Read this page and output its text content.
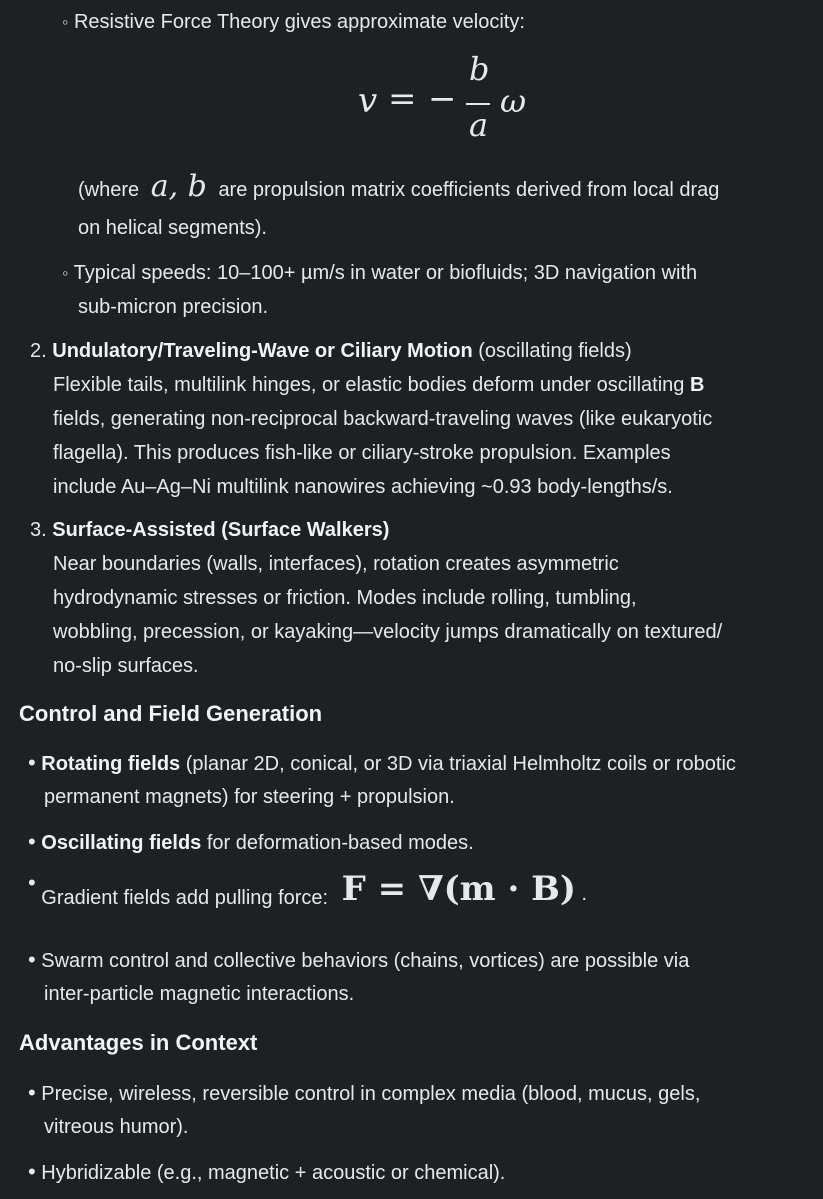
◦ Resistive Force Theory gives approximate velocity:
v = −
b
a
ω
(where a, b are propulsion matrix coefficients derived from local drag
on helical segments).
◦ Typical speeds: 10–100+ µm/s in water or biofluids; 3D navigation with
sub-micron precision.
2. Undulatory/Traveling-Wave or Ciliary Motion (oscillating fields)
Flexible tails, multilink hinges, or elastic bodies deform under oscillating B
fields, generating non-reciprocal backward-traveling waves (like eukaryotic
flagella). This produces fish-like or ciliary-stroke propulsion. Examples
include Au–Ag–Ni multilink nanowires achieving ~0.93 body-lengths/s.
3. Surface-Assisted (Surface Walkers)
Near boundaries (walls, interfaces), rotation creates asymmetric
hydrodynamic stresses or friction. Modes include rolling, tumbling,
wobbling, precession, or kayaking—velocity jumps dramatically on textured/
no-slip surfaces.
Control and Field Generation
• Rotating fields (planar 2D, conical, or 3D via triaxial Helmholtz coils or robotic
permanent magnets) for steering + propulsion.
• Oscillating fields for deformation-based modes.
• Gradient fields add pulling force: F = ∇(m · B) .
• Swarm control and collective behaviors (chains, vortices) are possible via
inter-particle magnetic interactions.
Advantages in Context
• Precise, wireless, reversible control in complex media (blood, mucus, gels,
vitreous humor).
• Hybridizable (e.g., magnetic + acoustic or chemical).
